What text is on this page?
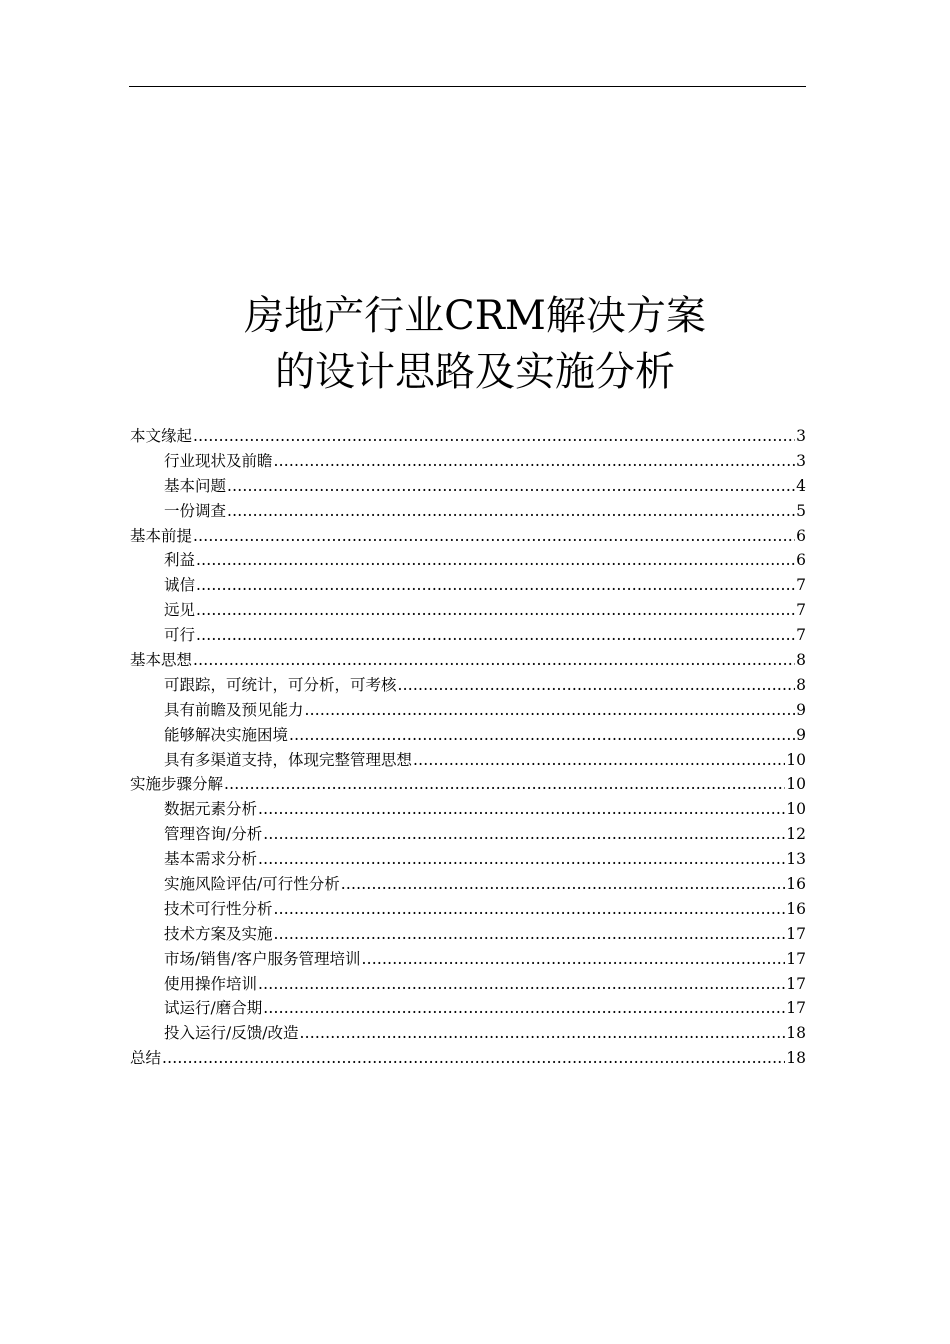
房地产行业CRM解决方案
的设计思路及实施分析
本文缘起 .....	3
行业现状及前瞻 .....	3
基本问题 .....	4
一份调查 .....	5
基本前提 .....	6
利益 .....	6
诚信 .....	7
远见 .....	7
可行 .....	7
基本思想 .....	8
可跟踪，可统计，可分析，可考核 .....	8
具有前瞻及预见能力 .....	9
能够解决实施困境 .....	9
具有多渠道支持，体现完整管理思想 .....	10
实施步骤分解 .....	10
数据元素分析 .....	10
管理咨询/分析 .....	12
基本需求分析 .....	13
实施风险评估/可行性分析 .....	16
技术可行性分析 .....	16
技术方案及实施 .....	17
市场/销售/客户服务管理培训 .....	17
使用操作培训 .....	17
试运行/磨合期 .....	17
投入运行/反馈/改造 .....	18
总结 .....	18
